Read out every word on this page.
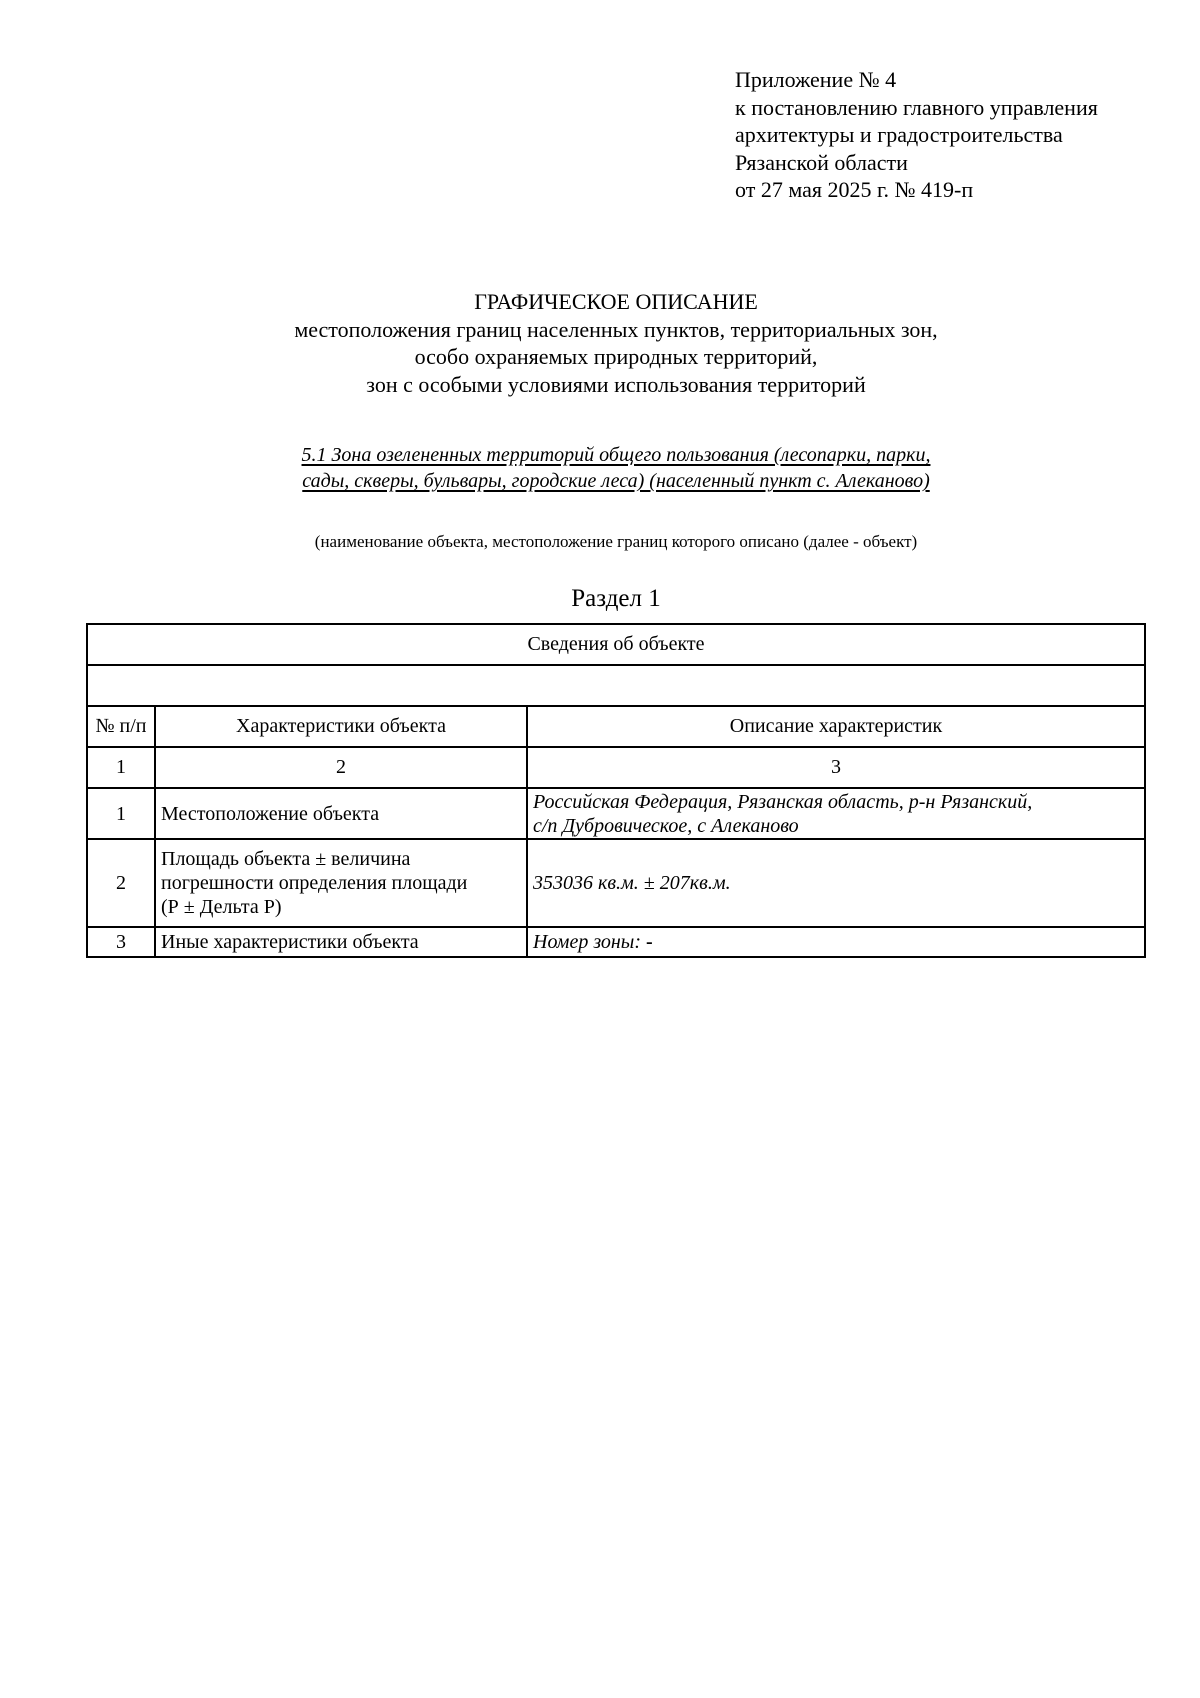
Приложение № 4
к постановлению главного управления
архитектуры и градостроительства
Рязанской области
от 27 мая 2025 г. № 419-п
ГРАФИЧЕСКОЕ ОПИСАНИЕ
местоположения границ населенных пунктов, территориальных зон,
особо охраняемых природных территорий,
зон с особыми условиями использования территорий
5.1 Зона озелененных территорий общего пользования (лесопарки, парки,
сады, скверы, бульвары, городские леса) (населенный пункт с. Алеканово)
(наименование объекта, местоположение границ которого описано (далее - объект)
Раздел 1
Сведения об объекте		

№ п/п	Характеристики объекта	Описание характеристик
1	2	3
1	Местоположение объекта	Российская Федерация, Рязанская область, р-н Рязанский,
с/п Дубровическое, с Алеканово

2	Площадь объекта ± величина
погрешности определения площади
(Р ± Дельта Р)	353036 кв.м. ± 207кв.м.
3	Иные характеристики объекта	Номер зоны: -
